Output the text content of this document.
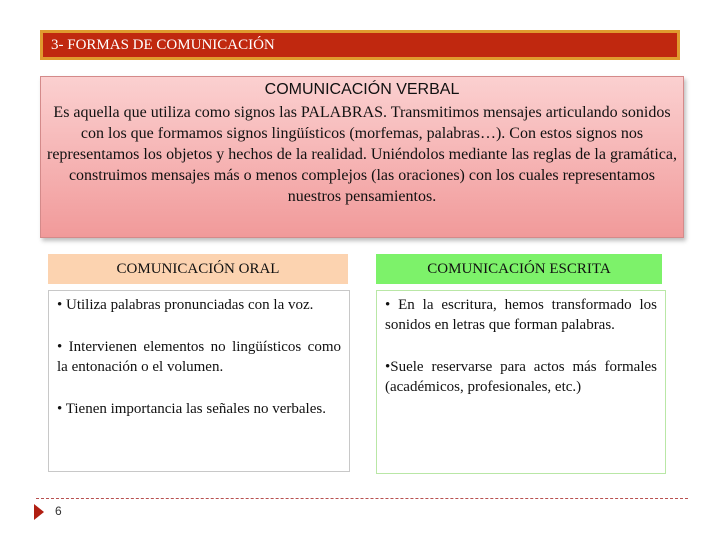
3- FORMAS DE COMUNICACIÓN
COMUNICACIÓN VERBAL
Es aquella que utiliza como signos las PALABRAS. Transmitimos mensajes articulando sonidos con los que formamos signos lingüísticos (morfemas, palabras…). Con estos signos nos representamos los objetos y hechos de la realidad. Uniéndolos mediante las reglas de la gramática, construimos mensajes más o menos complejos (las oraciones) con los cuales representamos nuestros pensamientos.
COMUNICACIÓN ORAL	COMUNICACIÓN ESCRITA

• Utiliza palabras pronunciadas con la voz.

• Intervienen elementos no lingüísticos como la entonación o el volumen.

• Tienen importancia las señales no verbales.

• En la escritura, hemos transformado los sonidos en letras que forman palabras.

•Suele reservarse para actos más formales (académicos, profesionales, etc.)

6
